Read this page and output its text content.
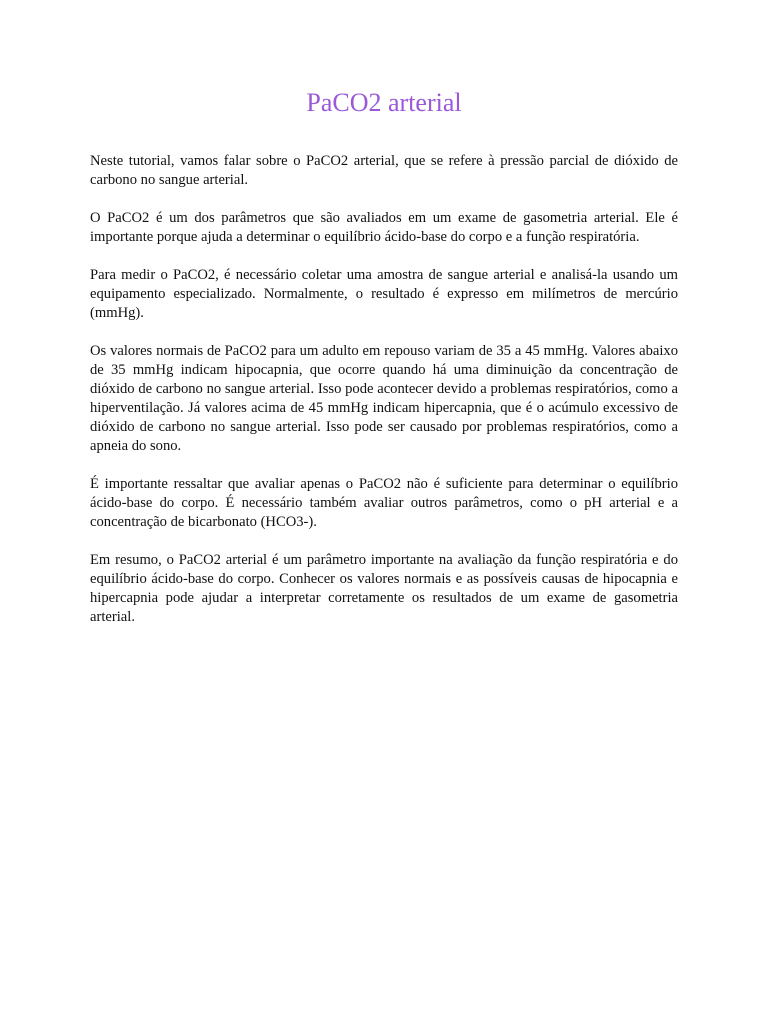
PaCO2 arterial

Neste tutorial, vamos falar sobre o PaCO2 arterial, que se refere à pressão parcial de dióxido de carbono no sangue arterial.

O PaCO2 é um dos parâmetros que são avaliados em um exame de gasometria arterial. Ele é importante porque ajuda a determinar o equilíbrio ácido-base do corpo e a função respiratória.

Para medir o PaCO2, é necessário coletar uma amostra de sangue arterial e analisá-la usando um equipamento especializado. Normalmente, o resultado é expresso em milímetros de mercúrio (mmHg).

Os valores normais de PaCO2 para um adulto em repouso variam de 35 a 45 mmHg. Valores abaixo de 35 mmHg indicam hipocapnia, que ocorre quando há uma diminuição da concentração de dióxido de carbono no sangue arterial. Isso pode acontecer devido a problemas respiratórios, como a hiperventilação. Já valores acima de 45 mmHg indicam hipercapnia, que é o acúmulo excessivo de dióxido de carbono no sangue arterial. Isso pode ser causado por problemas respiratórios, como a apneia do sono.

É importante ressaltar que avaliar apenas o PaCO2 não é suficiente para determinar o equilíbrio ácido-base do corpo. É necessário também avaliar outros parâmetros, como o pH arterial e a concentração de bicarbonato (HCO3-).

Em resumo, o PaCO2 arterial é um parâmetro importante na avaliação da função respiratória e do equilíbrio ácido-base do corpo. Conhecer os valores normais e as possíveis causas de hipocapnia e hipercapnia pode ajudar a interpretar corretamente os resultados de um exame de gasometria arterial.
